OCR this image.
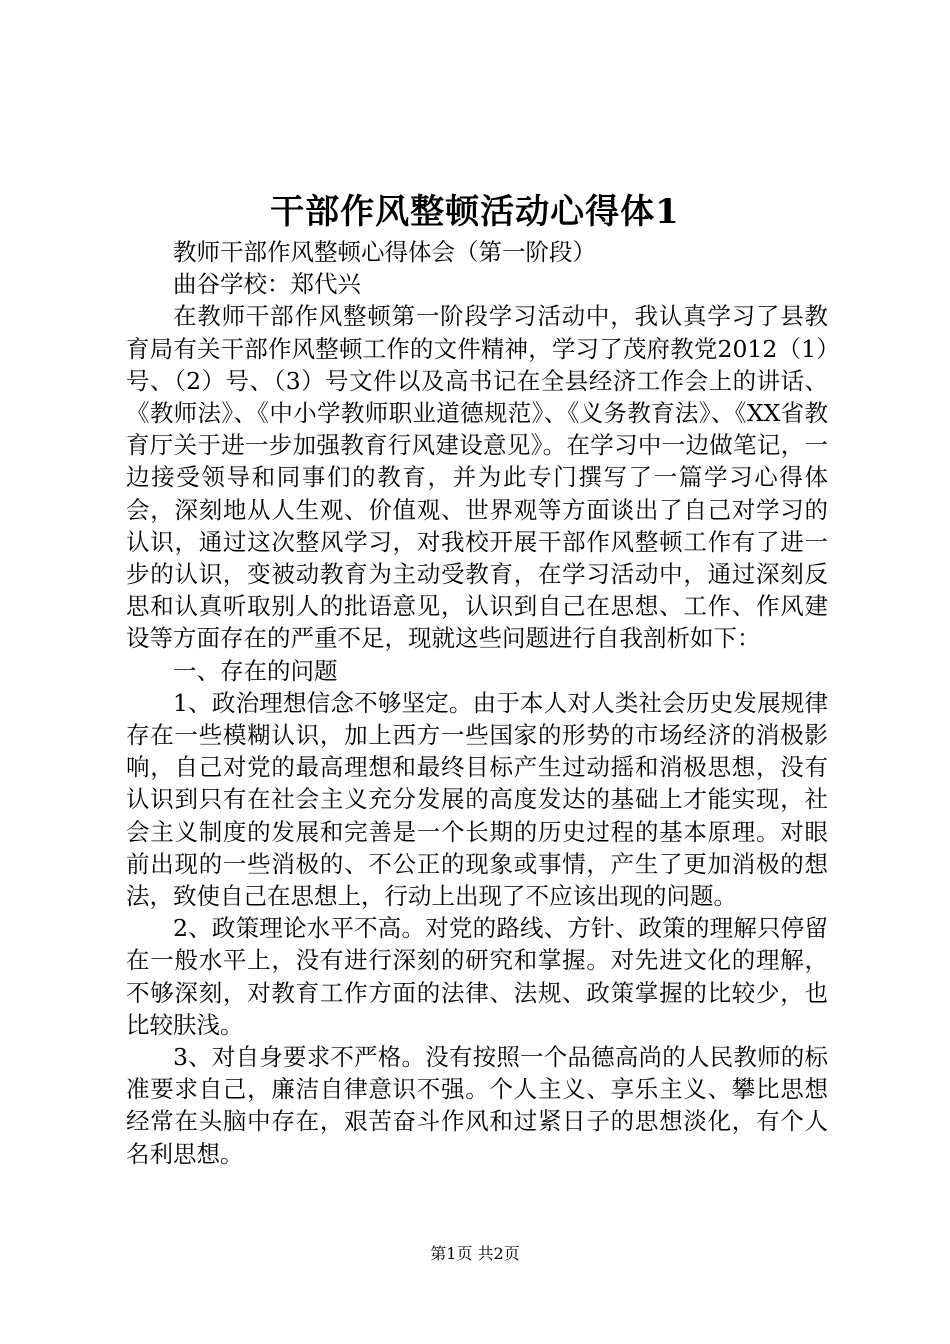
干部作风整顿活动心得体1

教师干部作风整顿心得体会（第一阶段）

曲谷学校：郑代兴

在教师干部作风整顿第一阶段学习活动中，我认真学习了县教育局有关干部作风整顿工作的文件精神，学习了茂府教党2012（1）号、（2）号、（3）号文件以及高书记在全县经济工作会上的讲话、《教师法》、《中小学教师职业道德规范》、《义务教育法》、《XX省教育厅关于进一步加强教育行风建设意见》。在学习中一边做笔记，一边接受领导和同事们的教育，并为此专门撰写了一篇学习心得体会，深刻地从人生观、价值观、世界观等方面谈出了自己对学习的认识，通过这次整风学习，对我校开展干部作风整顿工作有了进一步的认识，变被动教育为主动受教育，在学习活动中，通过深刻反思和认真听取别人的批语意见，认识到自己在思想、工作、作风建设等方面存在的严重不足，现就这些问题进行自我剖析如下：

一、存在的问题

1、政治理想信念不够坚定。由于本人对人类社会历史发展规律存在一些模糊认识，加上西方一些国家的形势的市场经济的消极影响，自己对党的最高理想和最终目标产生过动摇和消极思想，没有认识到只有在社会主义充分发展的高度发达的基础上才能实现，社会主义制度的发展和完善是一个长期的历史过程的基本原理。对眼前出现的一些消极的、不公正的现象或事情，产生了更加消极的想法，致使自己在思想上，行动上出现了不应该出现的问题。

2、政策理论水平不高。对党的路线、方针、政策的理解只停留在一般水平上，没有进行深刻的研究和掌握。对先进文化的理解，不够深刻，对教育工作方面的法律、法规、政策掌握的比较少，也比较肤浅。

3、对自身要求不严格。没有按照一个品德高尚的人民教师的标准要求自己，廉洁自律意识不强。个人主义、享乐主义、攀比思想经常在头脑中存在，艰苦奋斗作风和过紧日子的思想淡化，有个人名利思想。

第1页 共2页
